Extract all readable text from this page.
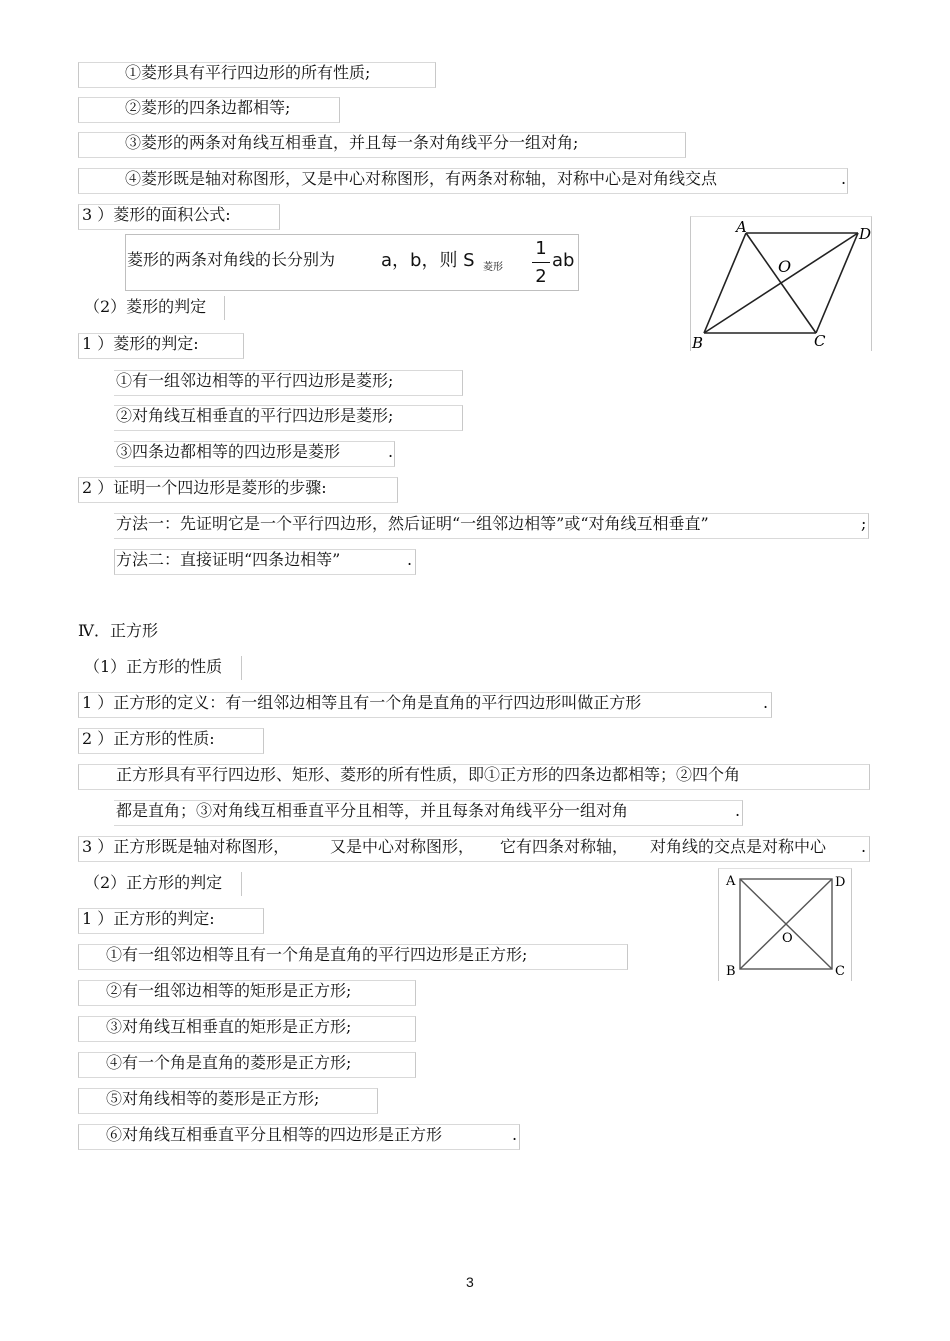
①菱形具有平行四边形的所有性质;
②菱形的四条边都相等;
③菱形的两条对角线互相垂直，并且每一条对角线平分一组对角;
④菱形既是轴对称图形，又是中心对称图形，有两条对称轴，对称中心是对角线交点	.
3 ）菱形的面积公式:
菱形的两条对角线的长分别为	a，b，则 S 菱形
1
2
ab
A	D
B	C
O
（2）菱形的判定
1 ）菱形的判定:
①有一组邻边相等的平行四边形是菱形;
②对角线互相垂直的平行四边形是菱形;
③四条边都相等的四边形是菱形	.
2 ）证明一个四边形是菱形的步骤:
方法一：先证明它是一个平行四边形，然后证明“一组邻边相等”或“对角线互相垂直”	;
方法二：直接证明“四条边相等”	.
Ⅳ．正方形
（1）正方形的性质
1 ）正方形的定义：有一组邻边相等且有一个角是直角的平行四边形叫做正方形	.
2 ）正方形的性质:
正方形具有平行四边形、矩形、菱形的所有性质，即①正方形的四条边都相等；②四个角
都是直角；③对角线互相垂直平分且相等，并且每条对角线平分一组对角	.
3 ）正方形既是轴对称图形，	又是中心对称图形， 它有四条对称轴， 对角线的交点是对称中心 .
（2）正方形的判定
1 ）正方形的判定:
A	D
B	C
O
①有一组邻边相等且有一个角是直角的平行四边形是正方形;
②有一组邻边相等的矩形是正方形;
③对角线互相垂直的矩形是正方形;
④有一个角是直角的菱形是正方形;
⑤对角线相等的菱形是正方形;
⑥对角线互相垂直平分且相等的四边形是正方形	.
3
